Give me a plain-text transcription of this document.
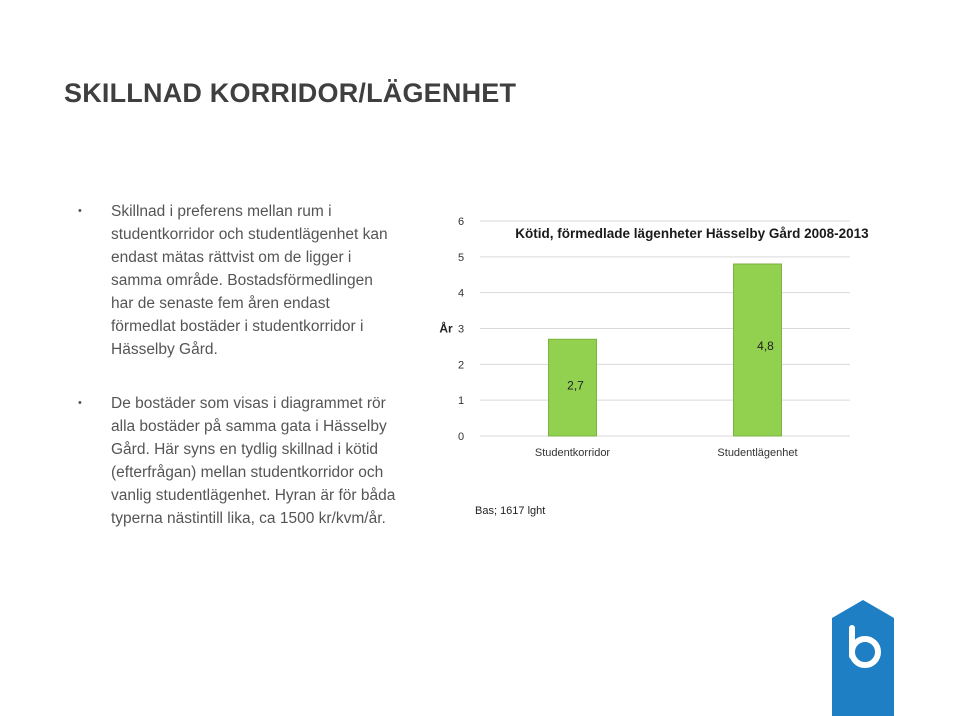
SKILLNAD KORRIDOR/LÄGENHET
• Skillnad i preferens mellan rum i studentkorridor och studentlägenhet kan endast mätas rättvist om de ligger i samma område. Bostadsförmedlingen har de senaste fem åren endast förmedlat bostäder i studentkorridor i Hässelby Gård.
• De bostäder som visas i diagrammet rör alla bostäder på samma gata i Hässelby Gård. Här syns en tydlig skillnad i kötid (efterfrågan) mellan studentkorridor och vanlig studentlägenhet. Hyran är för båda typerna nästintill lika, ca 1500 kr/kvm/år.
0
1
2
3
4
5
6
År
Studentkorridor
2,7
Studentlägenhet
4,8
Kötid, förmedlade lägenheter Hässelby Gård 2008-2013
Bas; 1617 lght
